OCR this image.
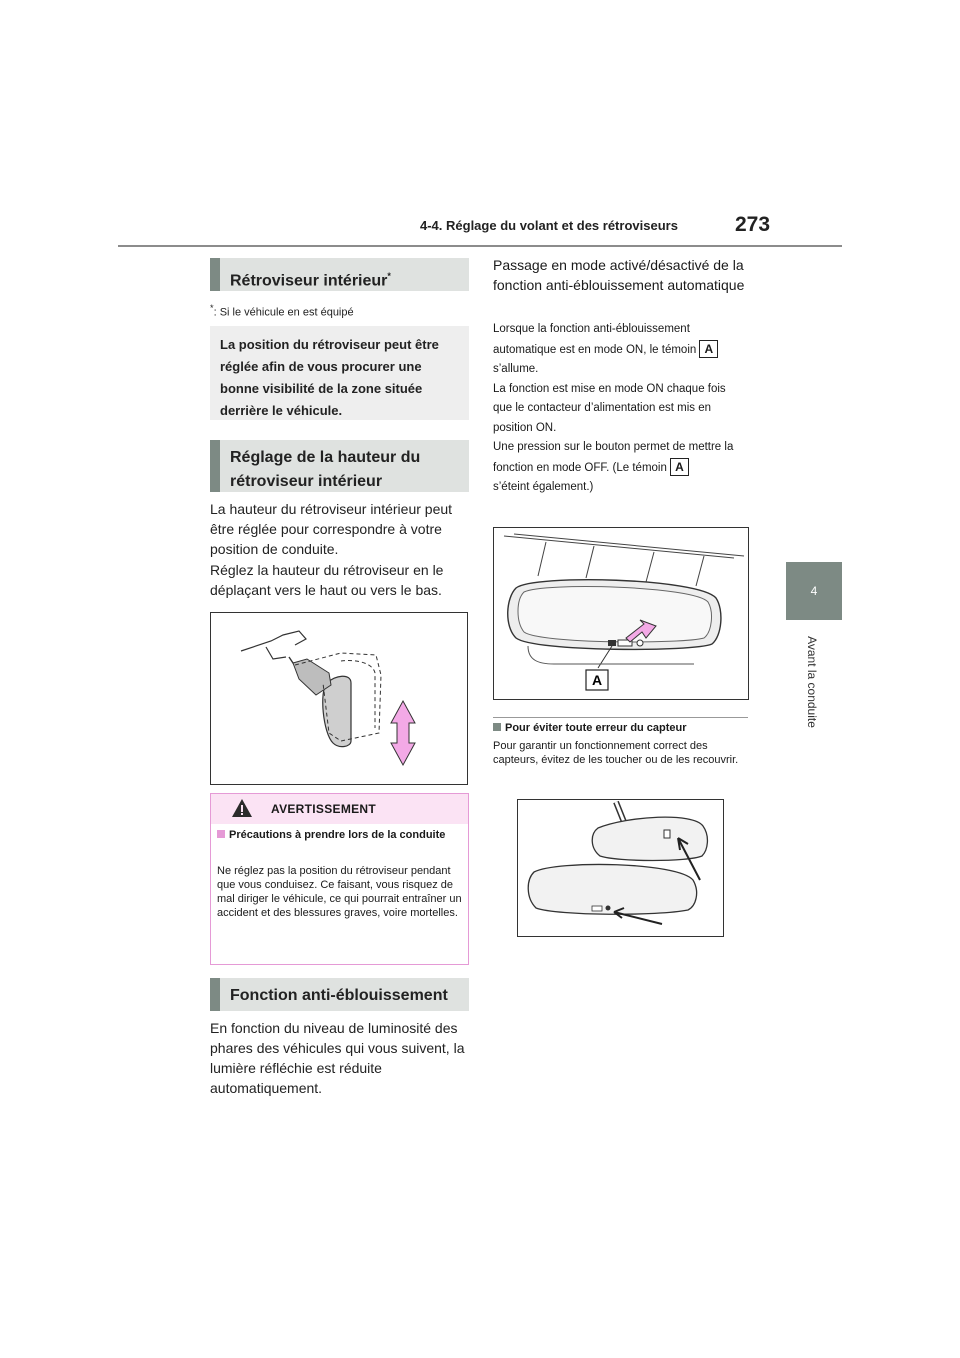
4-4. Réglage du volant et des rétroviseurs	273
4
Avant la conduite
Rétroviseur intérieur*
*: Si le véhicule en est équipé
La position du rétroviseur peut être réglée afin de vous procurer une bonne visibilité de la zone située derrière le véhicule.
Réglage de la hauteur du rétroviseur intérieur
La hauteur du rétroviseur intérieur peut être réglée pour correspondre à votre position de conduite.
Réglez la hauteur du rétroviseur en le déplaçant vers le haut ou vers le bas.
AVERTISSEMENT
Précautions à prendre lors de la conduite
Ne réglez pas la position du rétroviseur pendant que vous conduisez. Ce faisant, vous risquez de mal diriger le véhicule, ce qui pourrait entraîner un accident et des blessures graves, voire mortelles.
Fonction anti-éblouissement
En fonction du niveau de luminosité des phares des véhicules qui vous suivent, la lumière réfléchie est réduite automatiquement.
Passage en mode activé/désactivé de la fonction anti-éblouissement automatique
Lorsque la fonction anti-éblouissement automatique est en mode ON, le témoin A
s’allume.
La fonction est mise en mode ON chaque fois que le contacteur d’alimentation est mis en position ON.
Une pression sur le bouton permet de mettre la fonction en mode OFF. (Le témoin A
s’éteint également.)
A
Pour éviter toute erreur du capteur
Pour garantir un fonctionnement correct des capteurs, évitez de les toucher ou de les recouvrir.
